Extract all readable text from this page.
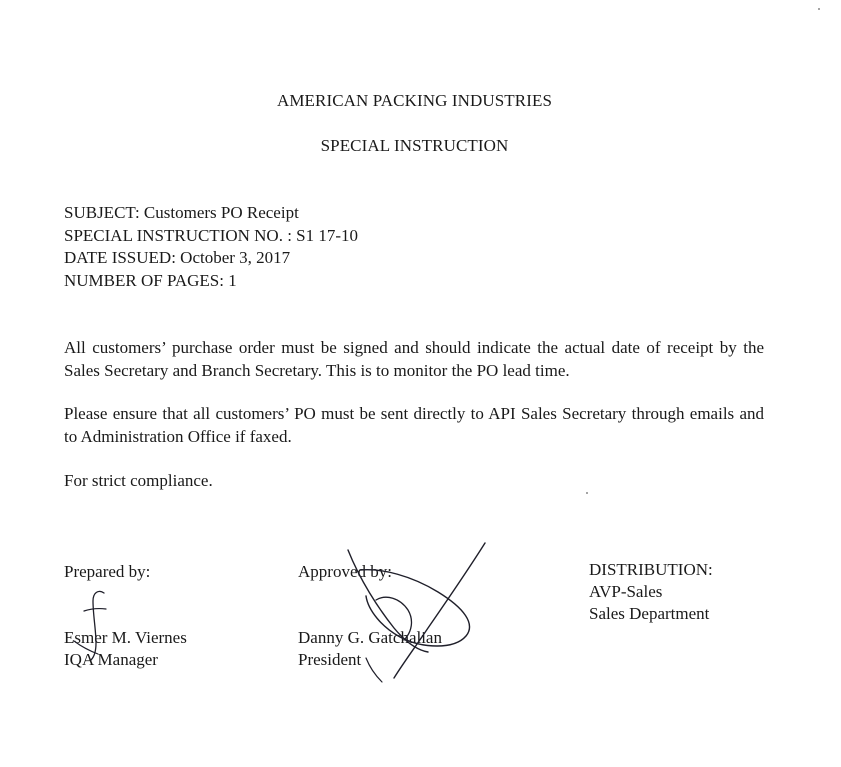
AMERICAN PACKING INDUSTRIES
SPECIAL INSTRUCTION
SUBJECT: Customers PO Receipt
SPECIAL INSTRUCTION NO. : S1 17-10
DATE ISSUED: October 3, 2017
NUMBER OF PAGES: 1
All customers’ purchase order must be signed and should indicate the actual date of receipt by the Sales Secretary and Branch Secretary. This is to monitor the PO lead time.
Please ensure that all customers’ PO must be sent directly to API Sales Secretary through emails and to Administration Office if faxed.
For strict compliance.
Prepared by:
Esmer M. Viernes
IQA Manager
Approved by:
Danny G. Gatchalian
President
DISTRIBUTION:
AVP-Sales
Sales Department
